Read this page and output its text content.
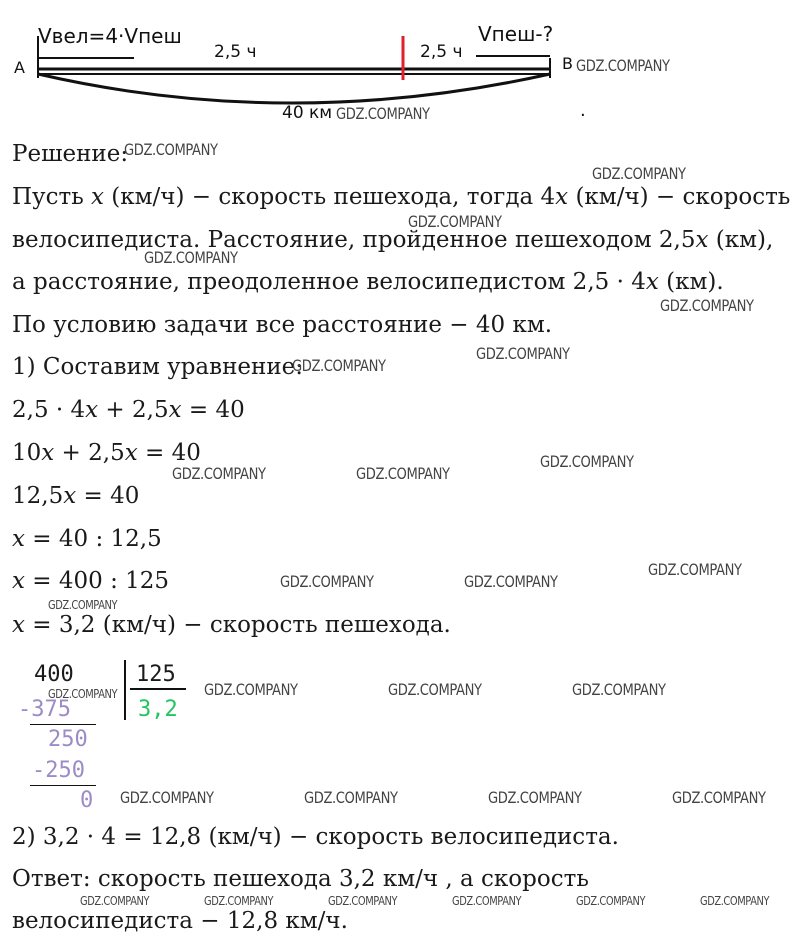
A
Vвел=4·Vпеш
2,5 ч	2,5 ч
Vпеш-?
B
40 км	.
Решение:
Пусть 𝑥 (км/ч) − скорость пешехода, тогда 4𝑥 (км/ч) − скорость
велосипедиста. Расстояние, пройденное пешеходом 2,5𝑥 (км),
а расстояние, преодоленное велосипедистом 2,5 · 4𝑥 (км).
По условию задачи все расстояние − 40 км.
1) Составим уравнение:
2,5 · 4𝑥 + 2,5𝑥 = 40
10𝑥 + 2,5𝑥 = 40
12,5𝑥 = 40
𝑥 = 40 : 12,5
𝑥 = 400 : 125
𝑥 = 3,2 (км/ч) − скорость пешехода.
400	125
3,2
-375
250
-250
0
2) 3,2 · 4 = 12,8 (км/ч) − скорость велосипедиста.
Ответ: скорость пешехода 3,2 км/ч , а скорость
велосипедиста − 12,8 км/ч.
GDZ.COMPANY
GDZ.COMPANY
GDZ.COMPANY
GDZ.COMPANY
GDZ.COMPANY
GDZ.COMPANY
GDZ.COMPANY
GDZ.COMPANY
GDZ.COMPANY
GDZ.COMPANY
GDZ.COMPANY	GDZ.COMPANY
GDZ.COMPANY
GDZ.COMPANY	GDZ.COMPANY
GDZ.COMPANY
GDZ.COMPANY	GDZ.COMPANY	GDZ.COMPANY	GDZ.COMPANY
GDZ.COMPANY	GDZ.COMPANY	GDZ.COMPANY	GDZ.COMPANY
GDZ.COMPANY	GDZ.COMPANY	GDZ.COMPANY	GDZ.COMPANY	GDZ.COMPANY	GDZ.COMPANY
